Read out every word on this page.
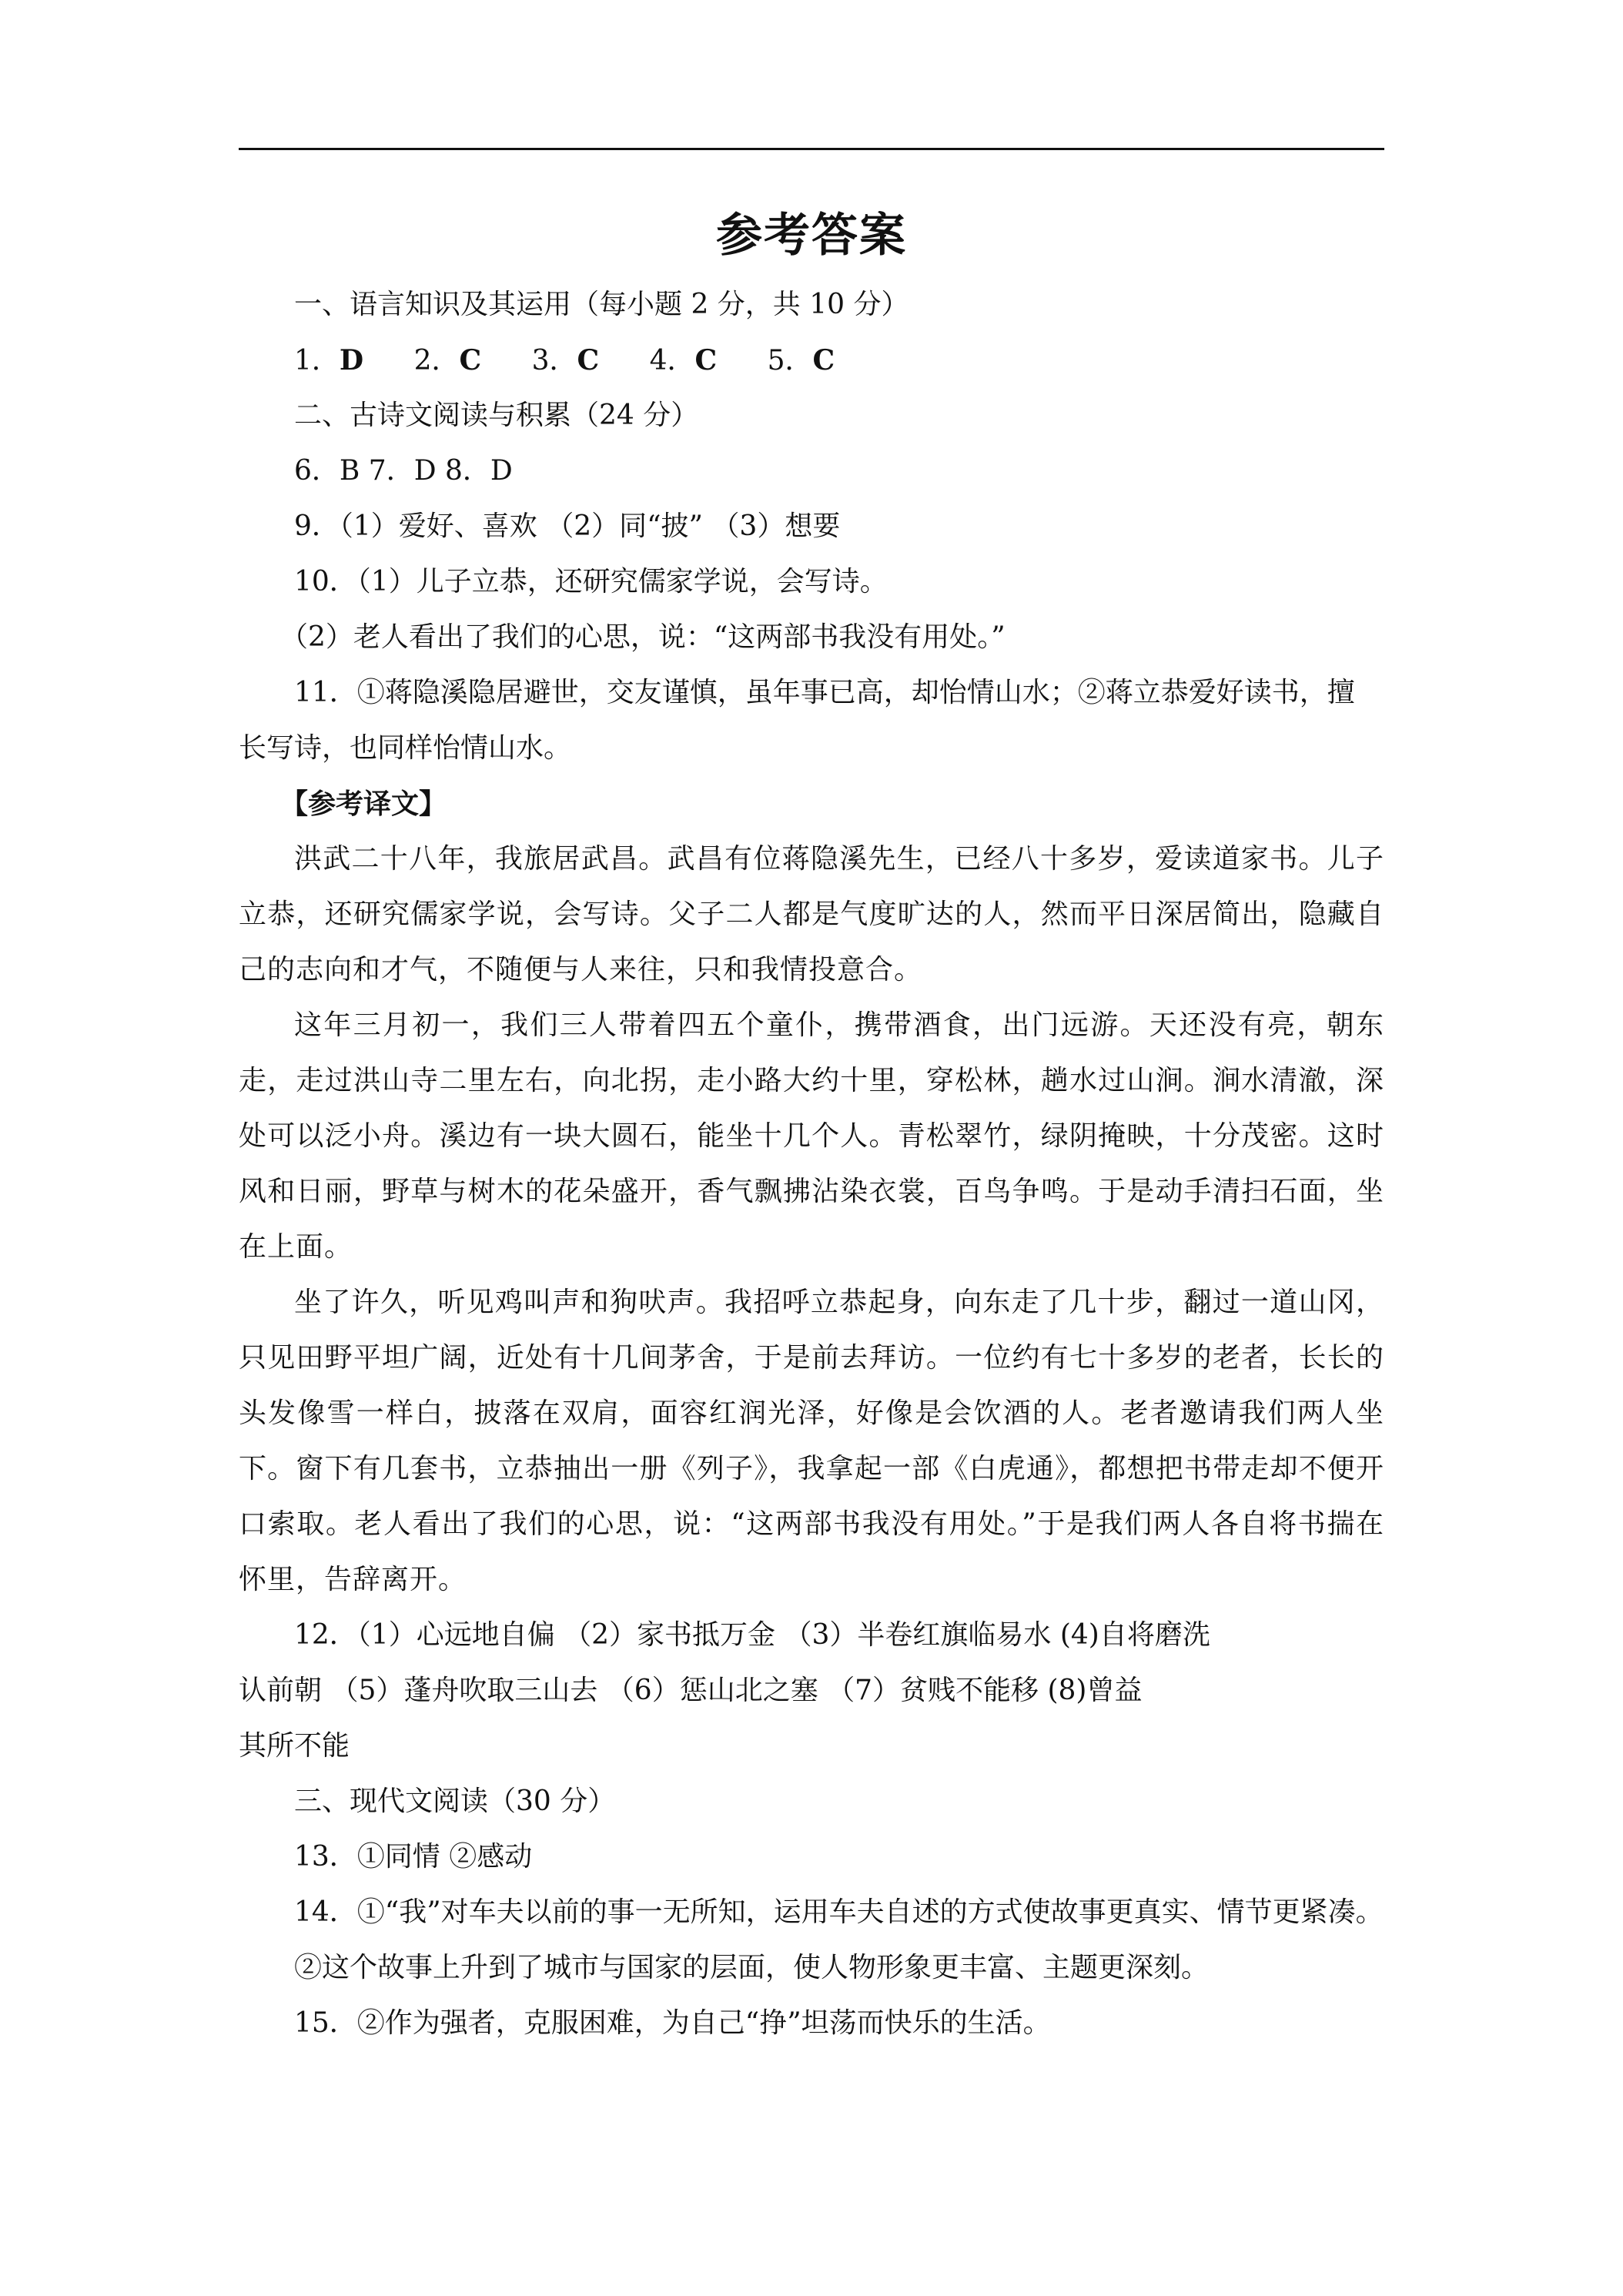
参考答案
一、语言知识及其运用（每小题 2 分，共 10 分）
1．D 2．C 3．C 4．C 5．C
二、古诗文阅读与积累（24 分）
6．B 7．D 8．D
9．（1）爱好、喜欢 （2）同“披” （3）想要
10．（1）儿子立恭，还研究儒家学说，会写诗。
（2）老人看出了我们的心思，说：“这两部书我没有用处。”
11．①蒋隐溪隐居避世，交友谨慎，虽年事已高，却怡情山水；②蒋立恭爱好读书，擅
长写诗，也同样怡情山水。
【参考译文】
洪武二十八年，我旅居武昌。武昌有位蒋隐溪先生，已经八十多岁，爱读道家书。儿子立恭，还研究儒家学说，会写诗。父子二人都是气度旷达的人，然而平日深居简出，隐藏自己的志向和才气，不随便与人来往，只和我情投意合。
这年三月初一，我们三人带着四五个童仆，携带酒食，出门远游。天还没有亮，朝东走，走过洪山寺二里左右，向北拐，走小路大约十里，穿松林，趟水过山涧。涧水清澈，深处可以泛小舟。溪边有一块大圆石，能坐十几个人。青松翠竹，绿阴掩映，十分茂密。这时风和日丽，野草与树木的花朵盛开，香气飘拂沾染衣裳，百鸟争鸣。于是动手清扫石面，坐在上面。
坐了许久，听见鸡叫声和狗吠声。我招呼立恭起身，向东走了几十步，翻过一道山冈，只见田野平坦广阔，近处有十几间茅舍，于是前去拜访。一位约有七十多岁的老者，长长的头发像雪一样白，披落在双肩，面容红润光泽，好像是会饮酒的人。老者邀请我们两人坐下。窗下有几套书，立恭抽出一册《列子》，我拿起一部《白虎通》，都想把书带走却不便开口索取。老人看出了我们的心思，说：“这两部书我没有用处。”于是我们两人各自将书揣在怀里，告辞离开。
12．（1）心远地自偏 （2）家书抵万金 （3）半卷红旗临易水 (4)自将磨洗
认前朝 （5）蓬舟吹取三山去 （6）惩山北之塞 （7）贫贱不能移 (8)曾益
其所不能
三、现代文阅读（30 分）
13．①同情 ②感动
14．①“我”对车夫以前的事一无所知，运用车夫自述的方式使故事更真实、情节更紧凑。
②这个故事上升到了城市与国家的层面，使人物形象更丰富、主题更深刻。
15．②作为强者，克服困难，为自己“挣”坦荡而快乐的生活。
